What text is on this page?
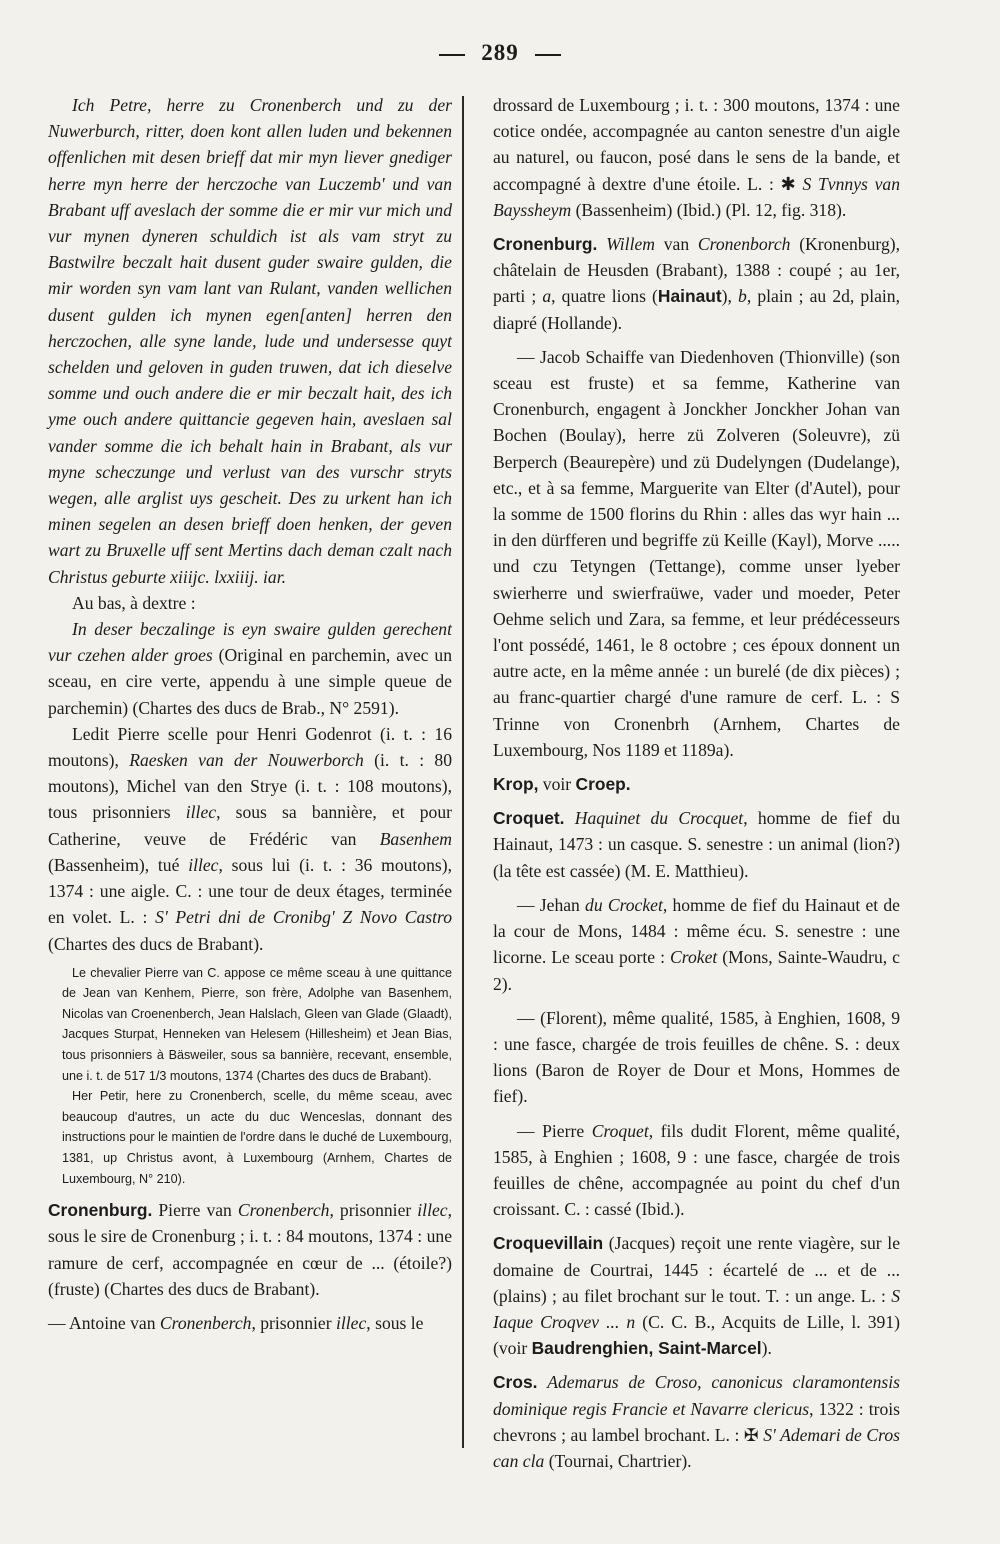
289

Ich Petre, herre zu Cronenberch und zu der Nuwerburch, ritter, doen kont allen luden und bekennen offenlichen mit desen brieff dat mir myn liever gnediger herre myn herre der herczoche van Luczemb' und van Brabant uff aveslach der somme die er mir vur mich und vur mynen dyneren schuldich ist als vam stryt zu Bastwilre beczalt hait dusent guder swaire gulden, die mir worden syn vam lant van Rulant, vanden wellichen dusent gulden ich mynen egen[anten] herren den herczochen, alle syne lande, lude und undersesse quyt schelden und geloven in guden truwen, dat ich dieselve somme und ouch andere die er mir beczalt hait, des ich yme ouch andere quittancie gegeven hain, aveslaen sal vander somme die ich behalt hain in Brabant, als vur myne scheczunge und verlust van des vurschr stryts wegen, alle arglist uys gescheit. Des zu urkent han ich minen segelen an desen brieff doen henken, der geven wart zu Bruxelle uff sent Mertins dach deman czalt nach Christus geburte xiiijc. lxxiiij. iar.

Au bas, à dextre :

In deser beczalinge is eyn swaire gulden gerechent vur czehen alder groes (Original en parchemin, avec un sceau, en cire verte, appendu à une simple queue de parchemin) (Chartes des ducs de Brab., N° 2591).

Ledit Pierre scelle pour Henri Godenrot (i. t. : 16 moutons), Raesken van der Nouwerborch (i. t. : 80 moutons), Michel van den Strye (i. t. : 108 moutons), tous prisonniers illec, sous sa bannière, et pour Catherine, veuve de Frédéric van Basenhem (Bassenheim), tué illec, sous lui (i. t. : 36 moutons), 1374 : une aigle. C. : une tour de deux étages, terminée en volet. L. : S' Petri dni de Cronibg' Z Novo Castro (Chartes des ducs de Brabant).

Le chevalier Pierre van C. appose ce même sceau à une quittance de Jean van Kenhem, Pierre, son frère, Adolphe van Basenhem, Nicolas van Croenenberch, Jean Halslach, Gleen van Glade (Glaadt), Jacques Sturpat, Henneken van Helesem (Hillesheim) et Jean Bias, tous prisonniers à Bäsweiler, sous sa bannière, recevant, ensemble, une i. t. de 517 1/3 moutons, 1374 (Chartes des ducs de Brabant).

Her Petir, here zu Cronenberch, scelle, du même sceau, avec beaucoup d'autres, un acte du duc Wenceslas, donnant des instructions pour le maintien de l'ordre dans le duché de Luxembourg, 1381, up Christus avont, à Luxembourg (Arnhem, Chartes de Luxembourg, N° 210).

Cronenburg. Pierre van Cronenberch, prisonnier illec, sous le sire de Cronenburg ; i. t. : 84 moutons, 1374 : une ramure de cerf, accompagnée en cœur de ... (étoile?) (fruste) (Chartes des ducs de Brabant).

— Antoine van Cronenberch, prisonnier illec, sous le

drossard de Luxembourg ; i. t. : 300 moutons, 1374 : une cotice ondée, accompagnée au canton senestre d'un aigle au naturel, ou faucon, posé dans le sens de la bande, et accompagné à dextre d'une étoile. L. : ✱ S Tvnnys van Bayssheym (Bassenheim) (Ibid.) (Pl. 12, fig. 318).

Cronenburg. Willem van Cronenborch (Kronenburg), châtelain de Heusden (Brabant), 1388 : coupé ; au 1er, parti ; a, quatre lions (Hainaut), b, plain ; au 2d, plain, diapré (Hollande).

— Jacob Schaiffe van Diedenhoven (Thionville) (son sceau est fruste) et sa femme, Katherine van Cronenburch, engagent à Jonckher Jonckher Johan van Bochen (Boulay), herre zü Zolveren (Soleuvre), zü Berperch (Beaurepère) und zü Dudelyngen (Dudelange), etc., et à sa femme, Marguerite van Elter (d'Autel), pour la somme de 1500 florins du Rhin : alles das wyr hain ... in den dürfferen und begriffe zü Keille (Kayl), Morve ..... und czu Tetyngen (Tettange), comme unser lyeber swierherre und swierfraüwe, vader und moeder, Peter Oehme selich und Zara, sa femme, et leur prédécesseurs l'ont possédé, 1461, le 8 octobre ; ces époux donnent un autre acte, en la même année : un burelé (de dix pièces) ; au franc-quartier chargé d'une ramure de cerf. L. : S Trinne von Cronenbrh (Arnhem, Chartes de Luxembourg, Nos 1189 et 1189a).

Krop, voir Croep.

Croquet. Haquinet du Crocquet, homme de fief du Hainaut, 1473 : un casque. S. senestre : un animal (lion?) (la tête est cassée) (M. E. Matthieu).

— Jehan du Crocket, homme de fief du Hainaut et de la cour de Mons, 1484 : même écu. S. senestre : une licorne. Le sceau porte : Croket (Mons, Sainte-Waudru, c 2).

— (Florent), même qualité, 1585, à Enghien, 1608, 9 : une fasce, chargée de trois feuilles de chêne. S. : deux lions (Baron de Royer de Dour et Mons, Hommes de fief).

— Pierre Croquet, fils dudit Florent, même qualité, 1585, à Enghien ; 1608, 9 : une fasce, chargée de trois feuilles de chêne, accompagnée au point du chef d'un croissant. C. : cassé (Ibid.).

Croquevillain (Jacques) reçoit une rente viagère, sur le domaine de Courtrai, 1445 : écartelé de ... et de ... (plains) ; au filet brochant sur le tout. T. : un ange. L. : S Iaque Croqvev ... n (C. C. B., Acquits de Lille, l. 391) (voir Baudrenghien, Saint-Marcel).

Cros. Ademarus de Croso, canonicus claramontensis dominique regis Francie et Navarre clericus, 1322 : trois chevrons ; au lambel brochant. L. : ✠ S' Ademari de Cros can cla (Tournai, Chartrier).
